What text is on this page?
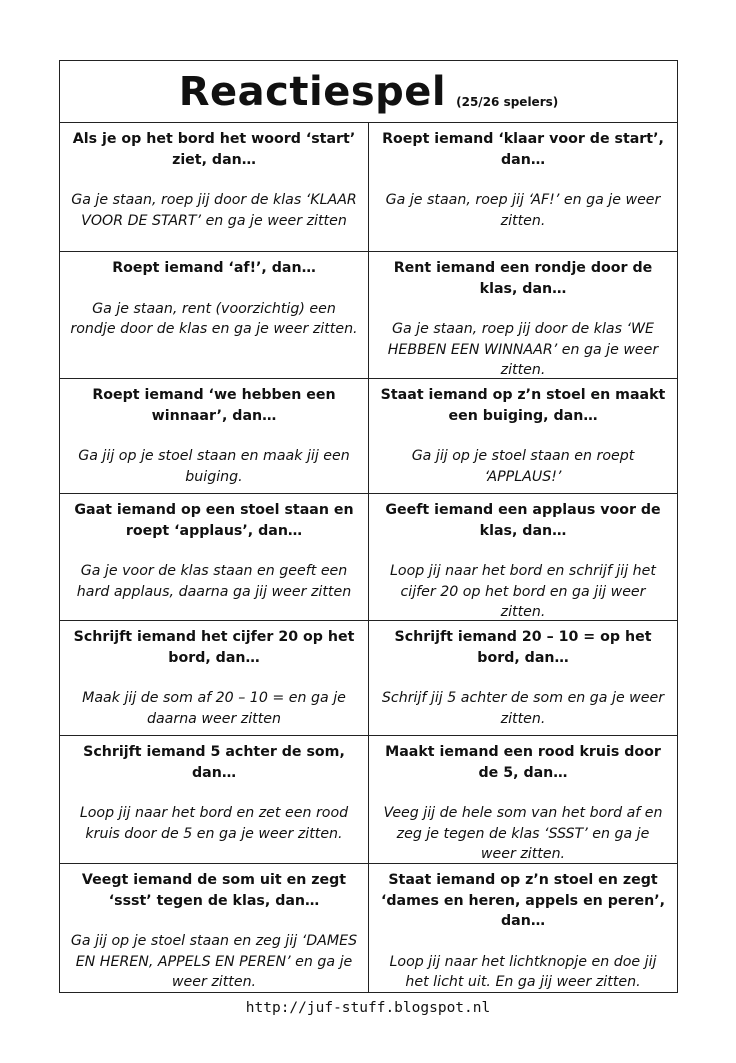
Reactiespel (25/26 spelers)

Als je op het bord het woord ‘start’ ziet, dan…

Ga je staan, roep jij door de klas ‘KLAAR VOOR DE START’ en ga je weer zitten

Roept iemand ‘klaar voor de start’, dan…

Ga je staan, roep jij ‘AF!’ en ga je weer zitten.

Roept iemand ‘af!’, dan…

Ga je staan, rent (voorzichtig) een rondje door de klas en ga je weer zitten.

Rent iemand een rondje door de klas, dan…

Ga je staan, roep jij door de klas ‘WE HEBBEN EEN WINNAAR’ en ga je weer zitten.

Roept iemand ‘we hebben een winnaar’, dan…

Ga jij op je stoel staan en maak jij een buiging.

Staat iemand op z’n stoel en maakt een buiging, dan…

Ga jij op je stoel staan en roept ‘APPLAUS!’

Gaat iemand op een stoel staan en roept ‘applaus’, dan…

Ga je voor de klas staan en geeft een hard applaus, daarna ga jij weer zitten

Geeft iemand een applaus voor de klas, dan…

Loop jij naar het bord en schrijf jij het cijfer 20 op het bord en ga jij weer zitten.

Schrijft iemand het cijfer 20 op het bord, dan…

Maak jij de som af 20 – 10 = en ga je daarna weer zitten

Schrijft iemand 20 – 10 = op het bord, dan…

Schrijf jij 5 achter de som en ga je weer zitten.

Schrijft iemand 5 achter de som, dan…

Loop jij naar het bord en zet een rood kruis door de 5 en ga je weer zitten.

Maakt iemand een rood kruis door de 5, dan…

Veeg jij de hele som van het bord af en zeg je tegen de klas ‘SSST’ en ga je weer zitten.

Veegt iemand de som uit en zegt ‘ssst’ tegen de klas, dan…

Ga jij op je stoel staan en zeg jij ‘DAMES EN HEREN, APPELS EN PEREN’ en ga je weer zitten.

Staat iemand op z’n stoel en zegt ‘dames en heren, appels en peren’, dan…

Loop jij naar het lichtknopje en doe jij het licht uit. En ga jij weer zitten.

http://juf-stuff.blogspot.nl
